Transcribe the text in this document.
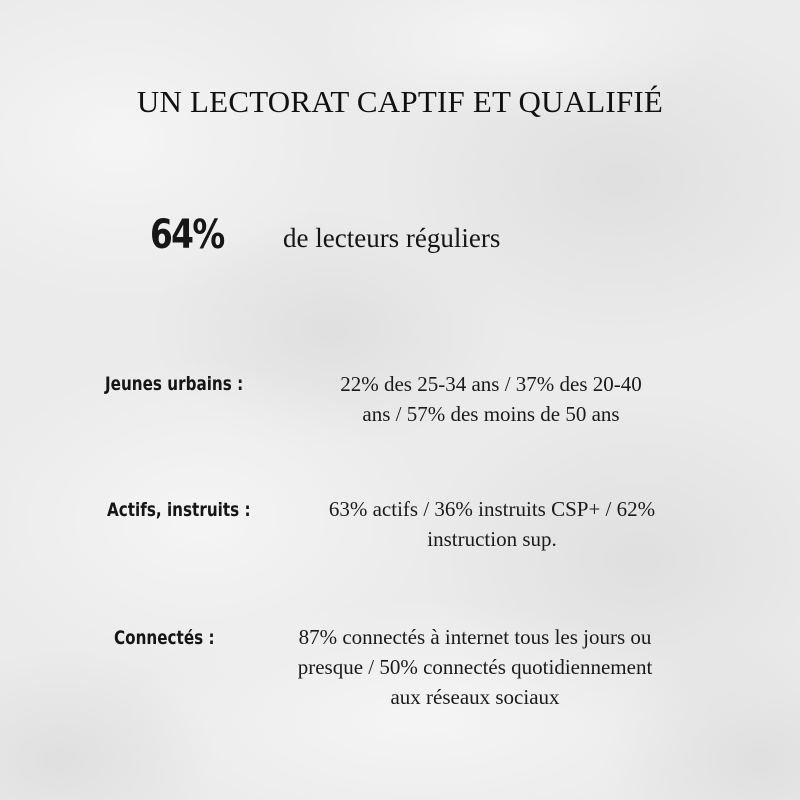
UN LECTORAT CAPTIF ET QUALIFIÉ
64% de lecteurs réguliers
Jeunes urbains :	22% des 25-34 ans / 37% des 20-40
ans / 57% des moins de 50 ans
Actifs, instruits :	63% actifs / 36% instruits CSP+ / 62%
instruction sup.
Connectés :	87% connectés à internet tous les jours ou
presque / 50% connectés quotidiennement
aux réseaux sociaux
